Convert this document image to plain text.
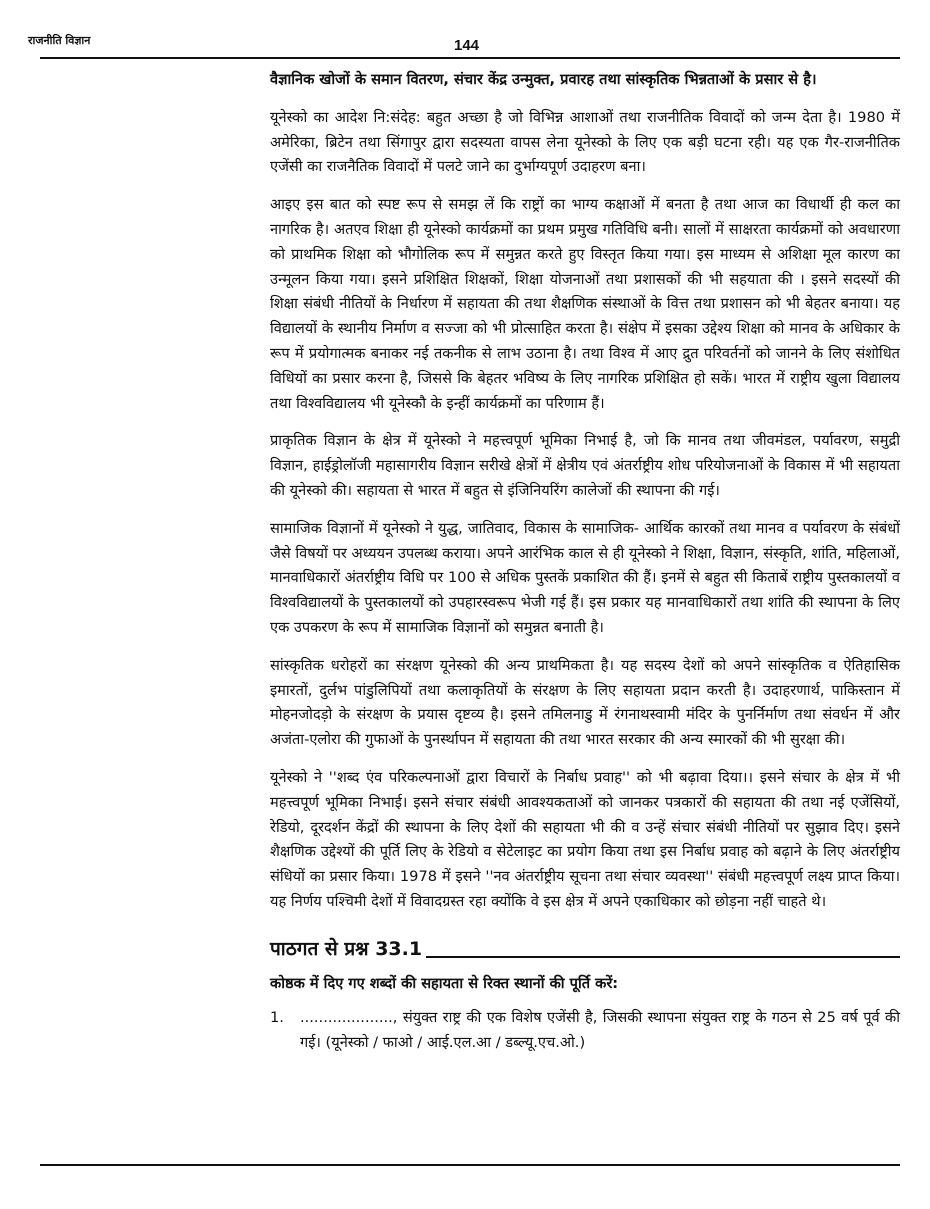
राजनीति विज्ञान	144

वैज्ञानिक खोजों के समान वितरण, संचार केंद्र उन्मुक्त, प्रवारह तथा सांस्कृतिक भिन्नताओं के प्रसार से है।

यूनेस्को का आदेश नि:संदेह: बहुत अच्छा है जो विभिन्न आशाओं तथा राजनीतिक विवादों को जन्म देता है। 1980 में अमेरिका, ब्रिटेन तथा सिंगापुर द्वारा सदस्यता वापस लेना यूनेस्को के लिए एक बड़ी घटना रही। यह एक गैर-राजनीतिक एजेंसी का राजनैतिक विवादों में पलटे जाने का दुर्भाग्यपूर्ण उदाहरण बना।

आइए इस बात को स्पष्ट रूप से समझ लें कि राष्ट्रों का भाग्य कक्षाओं में बनता है तथा आज का विधार्थी ही कल का नागरिक है। अतएव शिक्षा ही यूनेस्को कार्यक्रमों का प्रथम प्रमुख गतिविधि बनी। सालों में साक्षरता कार्यक्रमों को अवधारणा को प्राथमिक शिक्षा को भौगोलिक रूप में समुन्नत करते हुए विस्तृत किया गया। इस माध्यम से अशिक्षा मूल कारण का उन्मूलन किया गया। इसने प्रशिक्षित शिक्षकों, शिक्षा योजनाओं तथा प्रशासकों की भी सहयाता की । इसने सदस्यों की शिक्षा संबंधी नीतियों के निर्धारण में सहायता की तथा शैक्षणिक संस्थाओं के वित्त तथा प्रशासन को भी बेहतर बनाया। यह विद्यालयों के स्थानीय निर्माण व सज्जा को भी प्रोत्साहित करता है। संक्षेप में इसका उद्देश्य शिक्षा को मानव के अधिकार के रूप में प्रयोगात्मक बनाकर नई तकनीक से लाभ उठाना है। तथा विश्व में आए द्रुत परिवर्तनों को जानने के लिए संशोधित विधियों का प्रसार करना है, जिससे कि बेहतर भविष्य के लिए नागरिक प्रशिक्षित हो सकें। भारत में राष्ट्रीय खुला विद्यालय तथा विश्वविद्यालय भी यूनेस्कौ के इन्हीं कार्यक्रमों का परिणाम हैं।

प्राकृतिक विज्ञान के क्षेत्र में यूनेस्को ने महत्त्वपूर्ण भूमिका निभाई है, जो कि मानव तथा जीवमंडल, पर्यावरण, समुद्री विज्ञान, हाईड्रोलॉजी महासागरीय विज्ञान सरीखे क्षेत्रों में क्षेत्रीय एवं अंतर्राष्ट्रीय शोध परियोजनाओं के विकास में भी सहायता की यूनेस्को की। सहायता से भारत में बहुत से इंजिनियरिंग कालेजों की स्थापना की गई।

सामाजिक विज्ञानों में यूनेस्को ने युद्ध, जातिवाद, विकास के सामाजिक- आर्थिक कारकों तथा मानव व पर्यावरण के संबंधों जैसे विषयों पर अध्ययन उपलब्ध कराया। अपने आरंभिक काल से ही यूनेस्को ने शिक्षा, विज्ञान, संस्कृति, शांति, महिलाओं, मानवाधिकारों अंतर्राष्ट्रीय विधि पर 100 से अधिक पुस्तकें प्रकाशित की हैं। इनमें से बहुत सी किताबें राष्ट्रीय पुस्तकालयों व विश्वविद्यालयों के पुस्तकालयों को उपहारस्वरूप भेजी गई हैं। इस प्रकार यह मानवाधिकारों तथा शांति की स्थापना के लिए एक उपकरण के रूप में सामाजिक विज्ञानों को समुन्नत बनाती है।

सांस्कृतिक धरोहरों का संरक्षण यूनेस्को की अन्य प्राथमिकता है। यह सदस्य देशों को अपने सांस्कृतिक व ऐतिहासिक इमारतों, दुर्लभ पांडुलिपियों तथा कलाकृतियों के संरक्षण के लिए सहायता प्रदान करती है। उदाहरणार्थ, पाकिस्तान में मोहनजोदड़ो के संरक्षण के प्रयास दृष्टव्य है। इसने तमिलनाडु में रंगनाथस्वामी मंदिर के पुनर्निर्माण तथा संवर्धन में और अजंता-एलोरा की गुफाओं के पुनर्स्थापन में सहायता की तथा भारत सरकार की अन्य स्मारकों की भी सुरक्षा की।

यूनेस्को ने ''शब्द एंव परिकल्पनाओं द्वारा विचारों के निर्बाध प्रवाह'' को भी बढ़ावा दिया।। इसने संचार के क्षेत्र में भी महत्त्वपूर्ण भूमिका निभाई। इसने संचार संबंधी आवश्यकताओं को जानकर पत्रकारों की सहायता की तथा नई एजेंसियों, रेडियो, दूरदर्शन केंद्रों की स्थापना के लिए देशों की सहायता भी की व उन्हें संचार संबंधी नीतियों पर सुझाव दिए। इसने शैक्षणिक उद्देश्यों की पूर्ति लिए के रेडियो व सेटेलाइट का प्रयोग किया तथा इस निर्बाध प्रवाह को बढ़ाने के लिए अंतर्राष्ट्रीय संधियों का प्रसार किया। 1978 में इसने ''नव अंतर्राष्ट्रीय सूचना तथा संचार व्यवस्था'' संबंधी महत्त्वपूर्ण लक्ष्य प्राप्त किया। यह निर्णय पश्चिमी देशों में विवादग्रस्त रहा क्योंकि वे इस क्षेत्र में अपने एकाधिकार को छोड़ना नहीं चाहते थे।

पाठगत से प्रश्न 33.1
कोष्ठक में दिए गए शब्दों की सहायता से रिक्त स्थानों की पूर्ति करें:
1.	...................., संयुक्त राष्ट्र की एक विशेष एजेंसी है, जिसकी स्थापना संयुक्त राष्ट्र के गठन से 25 वर्ष पूर्व की गई। (यूनेस्को / फाओ / आई.एल.आ / डब्ल्यू.एच.ओ.)
